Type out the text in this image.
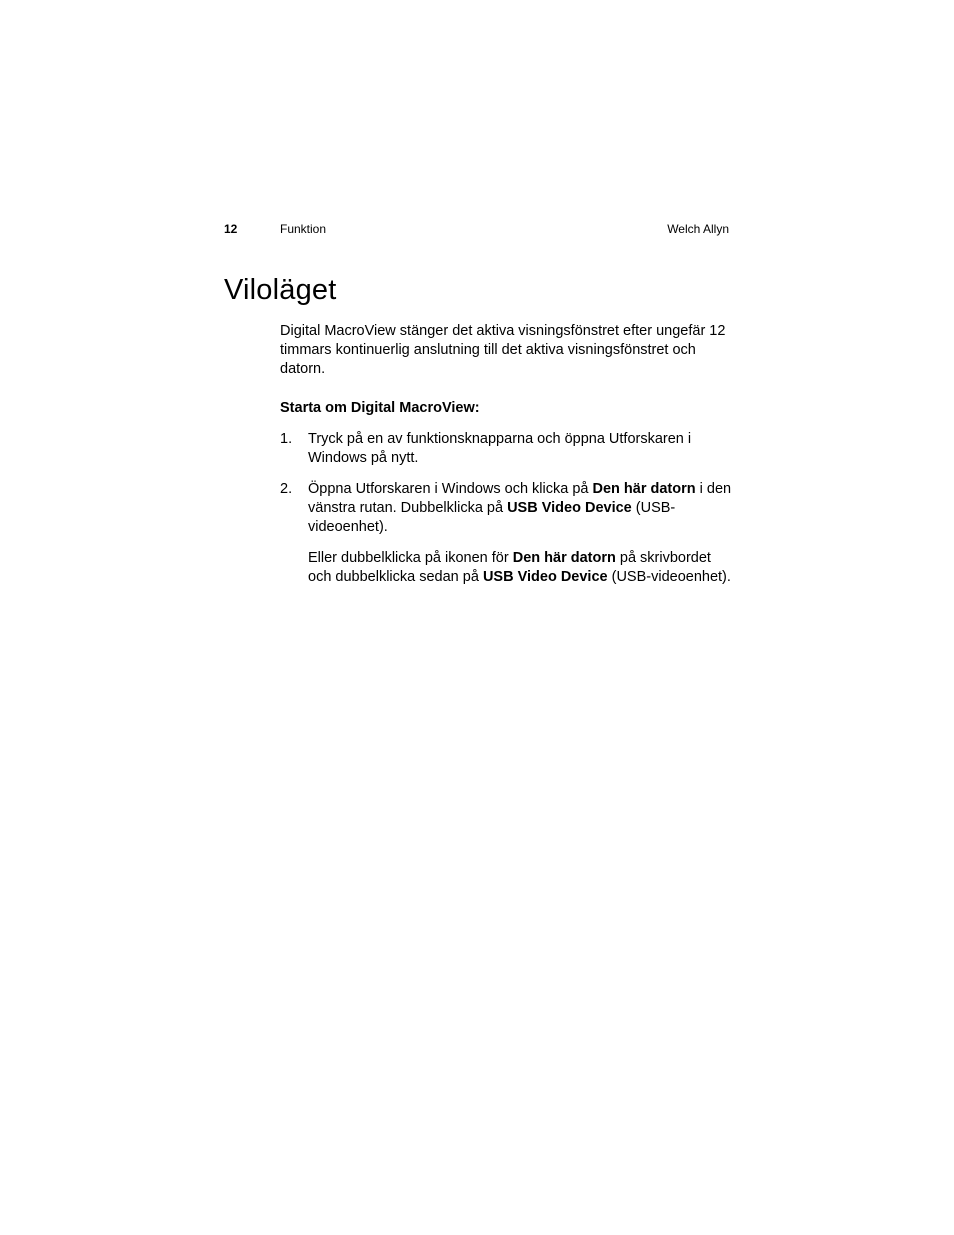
12	Funktion	Welch Allyn
Viloläget

Digital MacroView stänger det aktiva visningsfönstret efter ungefär 12 timmars kontinuerlig anslutning till det aktiva visningsfönstret och datorn.

Starta om Digital MacroView:

1. Tryck på en av funktionsknapparna och öppna Utforskaren i Windows på nytt.
2. Öppna Utforskaren i Windows och klicka på Den här datorn i den vänstra rutan. Dubbelklicka på USB Video Device (USB-videoenhet).

Eller dubbelklicka på ikonen för Den här datorn på skrivbordet och dubbelklicka sedan på USB Video Device (USB-videoenhet).
